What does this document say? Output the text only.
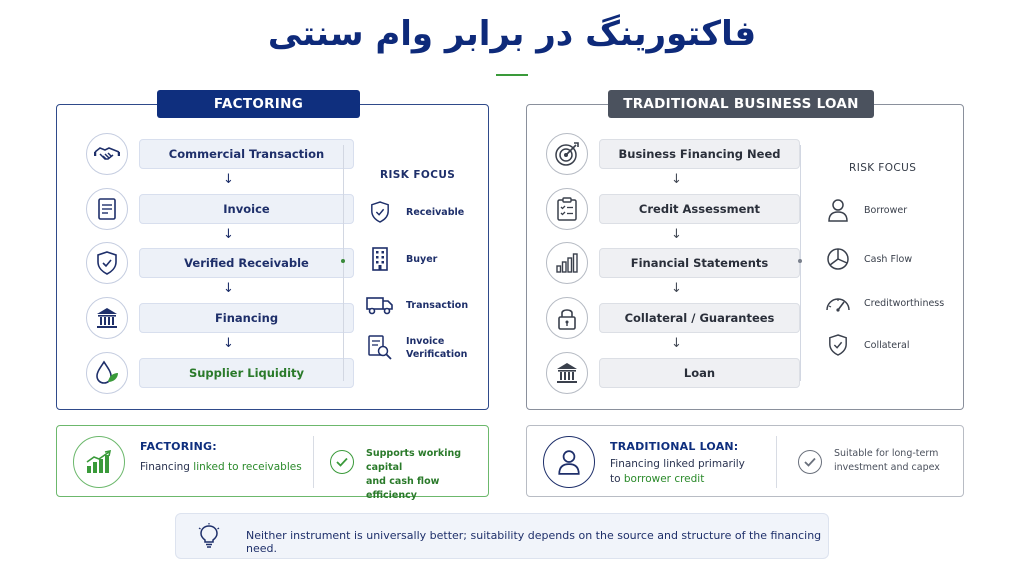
فاکتورینگ در برابر وام سنتی
FACTORING
Commercial Transaction
↓
Invoice
↓
Verified Receivable
↓
Financing
↓
Supplier Liquidity
RISK FOCUS
Receivable
Buyer
Transaction
Invoice
Verification
TRADITIONAL BUSINESS LOAN
Business Financing Need
↓
Credit Assessment
↓
Financial Statements
↓
Collateral / Guarantees
↓
Loan
RISK FOCUS
Borrower
Cash Flow
Creditworthiness
Collateral
FACTORING:
Financing linked to receivables
Supports working capital
and cash flow efficiency
TRADITIONAL LOAN:
Financing linked primarily
to borrower credit
Suitable for long-term
investment and capex
Neither instrument is universally better; suitability depends on the source and structure of the financing need.
